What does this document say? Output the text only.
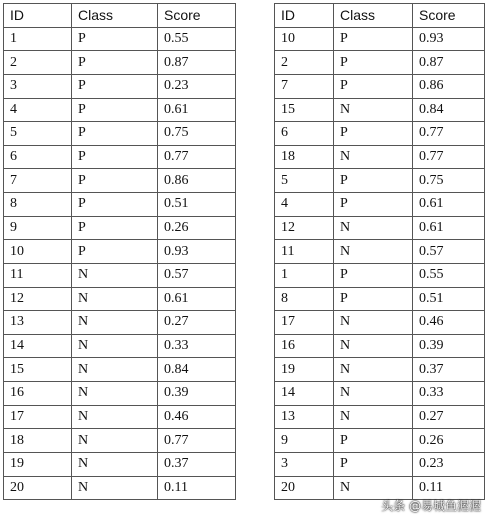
ID	Class	Score
1	P	0.55
2	P	0.87
3	P	0.23
4	P	0.61
5	P	0.75
6	P	0.77
7	P	0.86
8	P	0.51
9	P	0.26
10	P	0.93
11	N	0.57
12	N	0.61
13	N	0.27
14	N	0.33
15	N	0.84
16	N	0.39
17	N	0.46
18	N	0.77
19	N	0.37
20	N	0.11
ID	Class	Score
10	P	0.93
2	P	0.87
7	P	0.86
15	N	0.84
6	P	0.77
18	N	0.77
5	P	0.75
4	P	0.61
12	N	0.61
11	N	0.57
1	P	0.55
8	P	0.51
17	N	0.46
16	N	0.39
19	N	0.37
14	N	0.33
13	N	0.27
9	P	0.26
3	P	0.23
20	N	0.11
头条 @易城鱼渥渥
